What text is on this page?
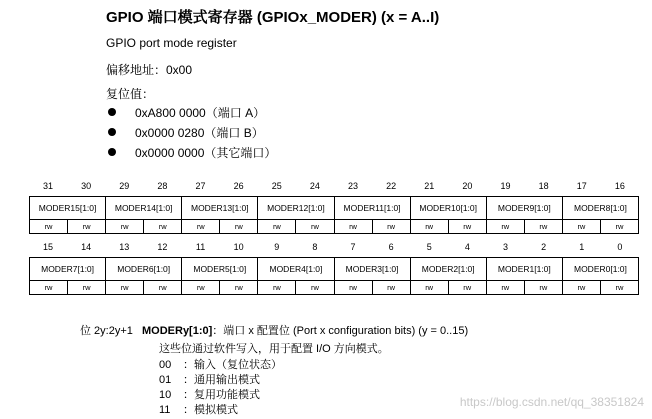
GPIO 端口模式寄存器 (GPIOx_MODER) (x = A..I)
GPIO port mode register
偏移地址：0x00
复位值：
0xA800 0000（端口 A）
0x0000 0280（端口 B）
0x0000 0000（其它端口）
31	30	29	28	27	26	25	24	23	22	21	20	19	18	17	16
MODER15[1:0]		MODER14[1:0]		MODER13[1:0]		MODER12[1:0]		MODER11[1:0]		MODER10[1:0]		MODER9[1:0]		MODER8[1:0]	
rw	rw	rw	rw	rw	rw	rw	rw	rw	rw	rw	rw	rw	rw	rw	rw
15	14	13	12	11	10	9	8	7	6	5	4	3	2	1	0
MODER7[1:0]		MODER6[1:0]		MODER5[1:0]		MODER4[1:0]		MODER3[1:0]		MODER2[1:0]		MODER1[1:0]		MODER0[1:0]	
rw	rw	rw	rw	rw	rw	rw	rw	rw	rw	rw	rw	rw	rw	rw	rw
位 2y:2y+1 MODERy[1:0]：端口 x 配置位 (Port x configuration bits) (y = 0..15)
这些位通过软件写入，用于配置 I/O 方向模式。
00 ：输入（复位状态）
01 ：通用输出模式
10 ：复用功能模式
11 ：模拟模式
https://blog.csdn.net/qq_38351824
